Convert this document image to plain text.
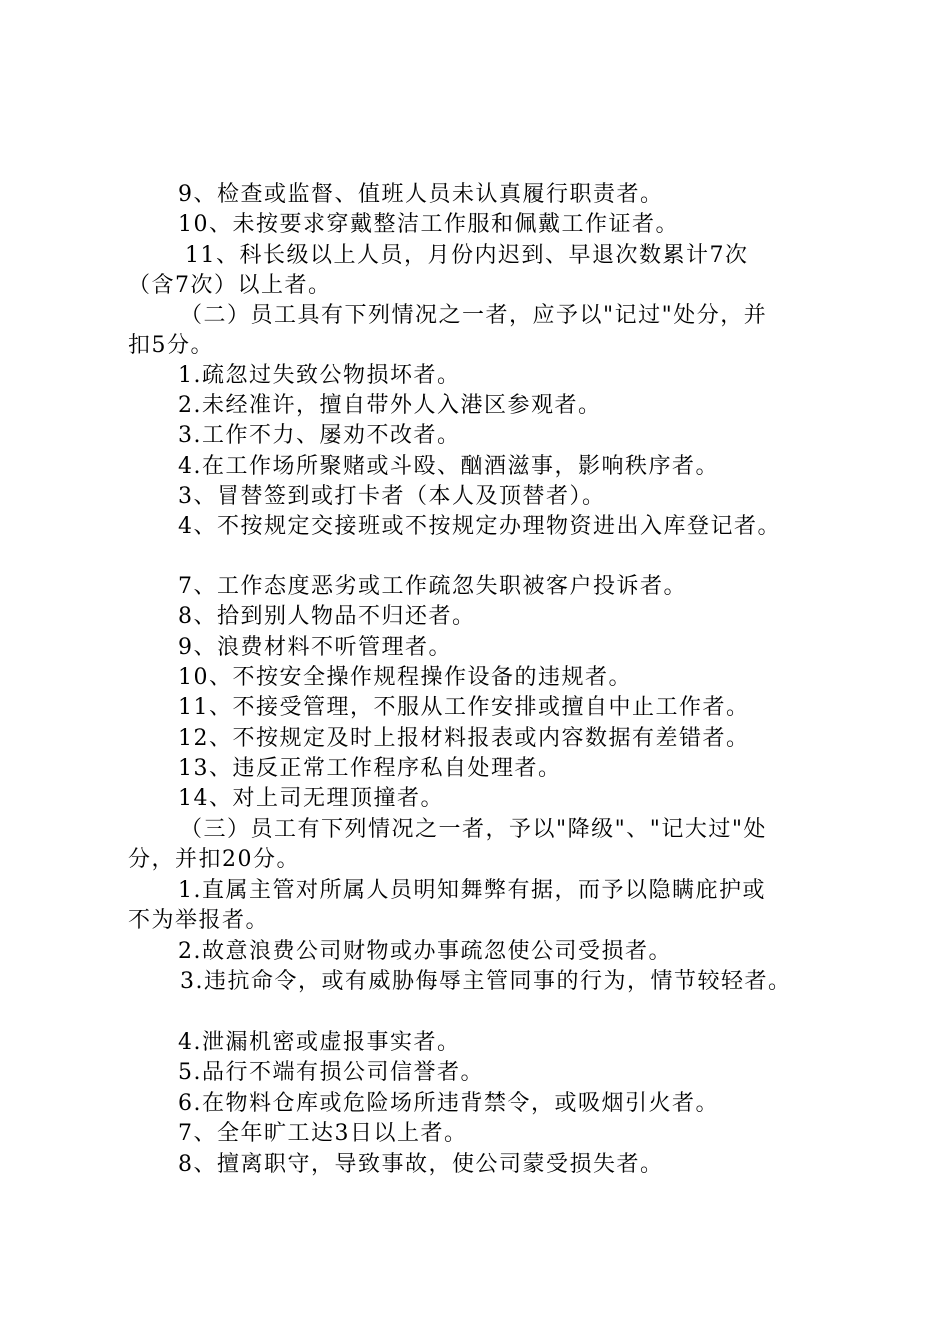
9、检查或监督、值班人员未认真履行职责者。
10、未按要求穿戴整洁工作服和佩戴工作证者。
11、科长级以上人员，月份内迟到、早退次数累计7次
（含7次）以上者。
（二）员工具有下列情况之一者，应予以"记过"处分，并
扣5分。
1.疏忽过失致公物损坏者。
2.未经准许，擅自带外人入港区参观者。
3.工作不力、屡劝不改者。
4.在工作场所聚赌或斗殴、酗酒滋事，影响秩序者。
3、冒替签到或打卡者（本人及顶替者）。
4、不按规定交接班或不按规定办理物资进出入库登记者。
7、工作态度恶劣或工作疏忽失职被客户投诉者。
8、拾到别人物品不归还者。
9、浪费材料不听管理者。
10、不按安全操作规程操作设备的违规者。
11、不接受管理，不服从工作安排或擅自中止工作者。
12、不按规定及时上报材料报表或内容数据有差错者。
13、违反正常工作程序私自处理者。
14、对上司无理顶撞者。
（三）员工有下列情况之一者，予以"降级"、"记大过"处
分，并扣20分。
1.直属主管对所属人员明知舞弊有据，而予以隐瞒庇护或
不为举报者。
2.故意浪费公司财物或办事疏忽使公司受损者。
3.违抗命令，或有威胁侮辱主管同事的行为，情节较轻者。
4.泄漏机密或虚报事实者。
5.品行不端有损公司信誉者。
6.在物料仓库或危险场所违背禁令，或吸烟引火者。
7、全年旷工达3日以上者。
8、擅离职守，导致事故，使公司蒙受损失者。
